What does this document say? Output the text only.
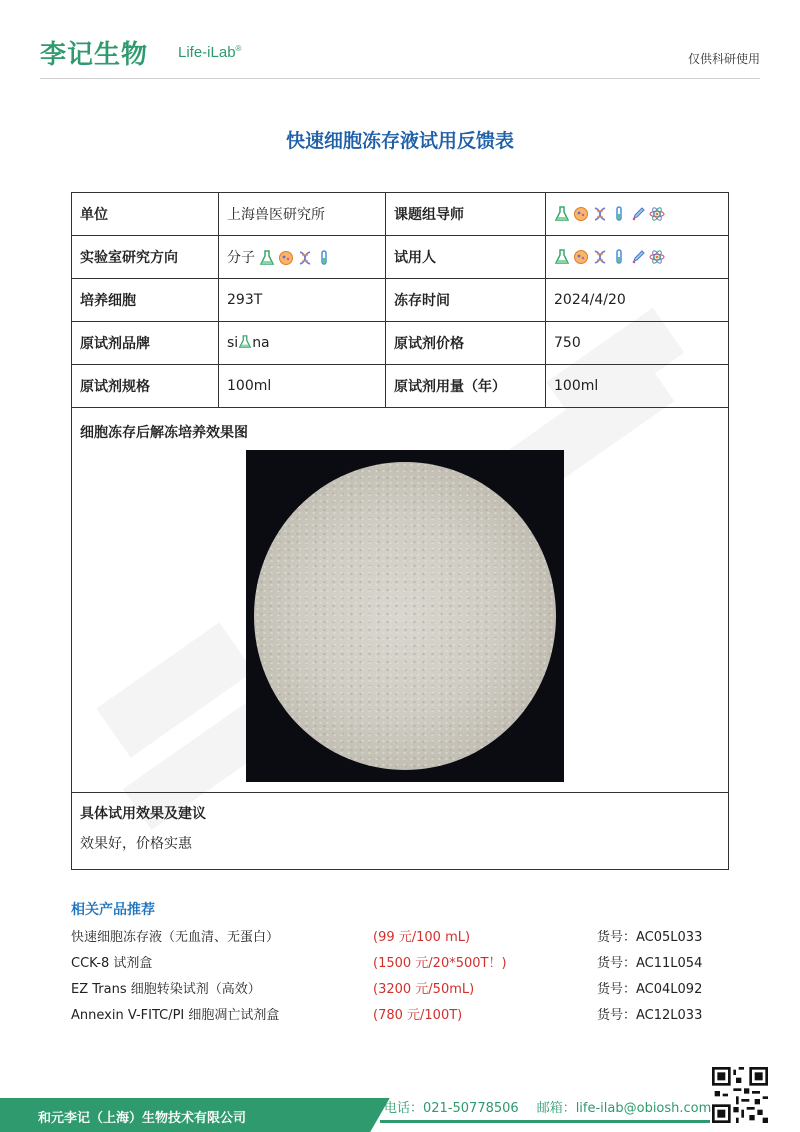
李记生物 Life-iLab®
仅供科研使用
快速细胞冻存液试用反馈表
单位	上海兽医研究所	课题组导师	

实验室研究方向	分子	试用人	

培养细胞	293T	冻存时间	2024/4/20
原试剂品牌	si na	原试剂价格	750
原试剂规格	100ml	原试剂用量（年）	100ml
细胞冻存后解冻培养效果图
具体试用效果及建议
效果好，价格实惠
相关产品推荐
快速细胞冻存液（无血清、无蛋白）	(99 元/100 mL)	货号：AC05L033
CCK-8 试剂盒	(1500 元/20*500T！)	货号：AC11L054
EZ Trans 细胞转染试剂（高效）	(3200 元/50mL)	货号：AC04L092
Annexin V-FITC/PI 细胞凋亡试剂盒	(780 元/100T)	货号：AC12L033
和元李记（上海）生物技术有限公司
电话：021-50778506 邮箱：life-ilab@obiosh.com
